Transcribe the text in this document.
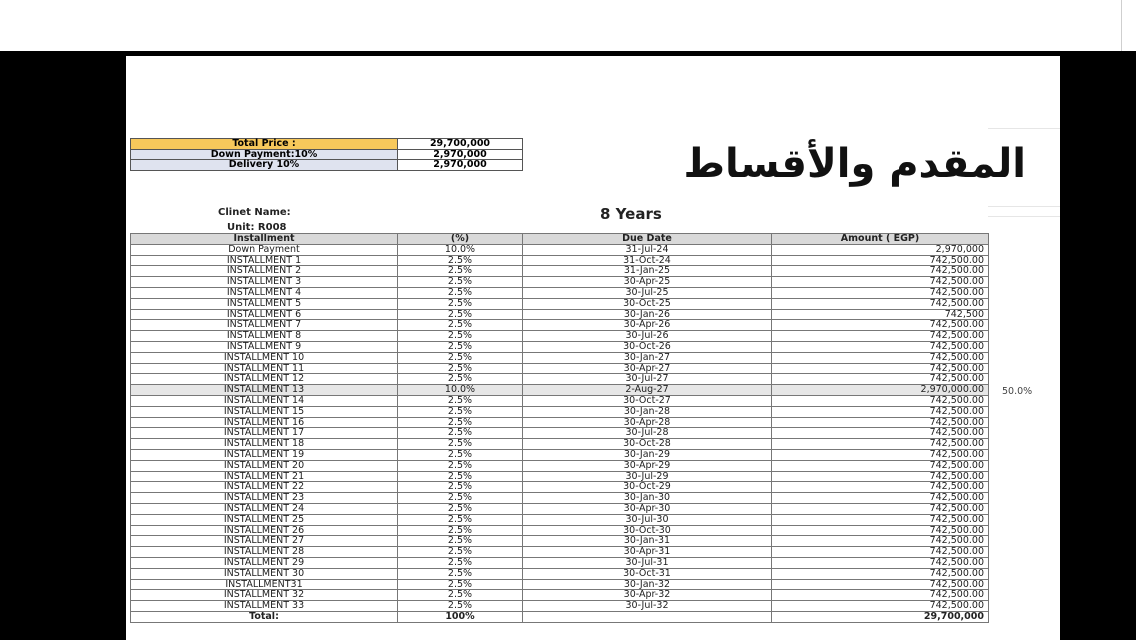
Total Price :	29,700,000
Down Payment:10%	2,970,000
Delivery 10%	2,970,000	المقدم والأقساط
Clinet Name:	8 Years
Unit: R008
Installment	(%)	Due Date	Amount ( EGP)
Down Payment	10.0%	31-Jul-24	2,970,000
INSTALLMENT 1	2.5%	31-Oct-24	742,500.00
INSTALLMENT 2	2.5%	31-Jan-25	742,500.00
INSTALLMENT 3	2.5%	30-Apr-25	742,500.00
INSTALLMENT 4	2.5%	30-Jul-25	742,500.00
INSTALLMENT 5	2.5%	30-Oct-25	742,500.00
INSTALLMENT 6	2.5%	30-Jan-26	742,500
INSTALLMENT 7	2.5%	30-Apr-26	742,500.00
INSTALLMENT 8	2.5%	30-Jul-26	742,500.00
INSTALLMENT 9	2.5%	30-Oct-26	742,500.00
INSTALLMENT 10	2.5%	30-Jan-27	742,500.00
INSTALLMENT 11	2.5%	30-Apr-27	742,500.00
INSTALLMENT 12	2.5%	30-Jul-27	742,500.00
INSTALLMENT 13	10.0%	2-Aug-27	2,970,000.00
INSTALLMENT 14	2.5%	30-Oct-27	742,500.00
INSTALLMENT 15	2.5%	30-Jan-28	742,500.00
INSTALLMENT 16	2.5%	30-Apr-28	742,500.00
INSTALLMENT 17	2.5%	30-Jul-28	742,500.00
INSTALLMENT 18	2.5%	30-Oct-28	742,500.00
INSTALLMENT 19	2.5%	30-Jan-29	742,500.00
INSTALLMENT 20	2.5%	30-Apr-29	742,500.00
INSTALLMENT 21	2.5%	30-Jul-29	742,500.00
INSTALLMENT 22	2.5%	30-Oct-29	742,500.00
INSTALLMENT 23	2.5%	30-Jan-30	742,500.00
INSTALLMENT 24	2.5%	30-Apr-30	742,500.00
INSTALLMENT 25	2.5%	30-Jul-30	742,500.00
INSTALLMENT 26	2.5%	30-Oct-30	742,500.00
INSTALLMENT 27	2.5%	30-Jan-31	742,500.00
INSTALLMENT 28	2.5%	30-Apr-31	742,500.00
INSTALLMENT 29	2.5%	30-Jul-31	742,500.00
INSTALLMENT 30	2.5%	30-Oct-31	742,500.00
INSTALLMENT31	2.5%	30-Jan-32	742,500.00
INSTALLMENT 32	2.5%	30-Apr-32	742,500.00
INSTALLMENT 33	2.5%	30-Jul-32	742,500.00
Total:	100%		29,700,000
50.0%
